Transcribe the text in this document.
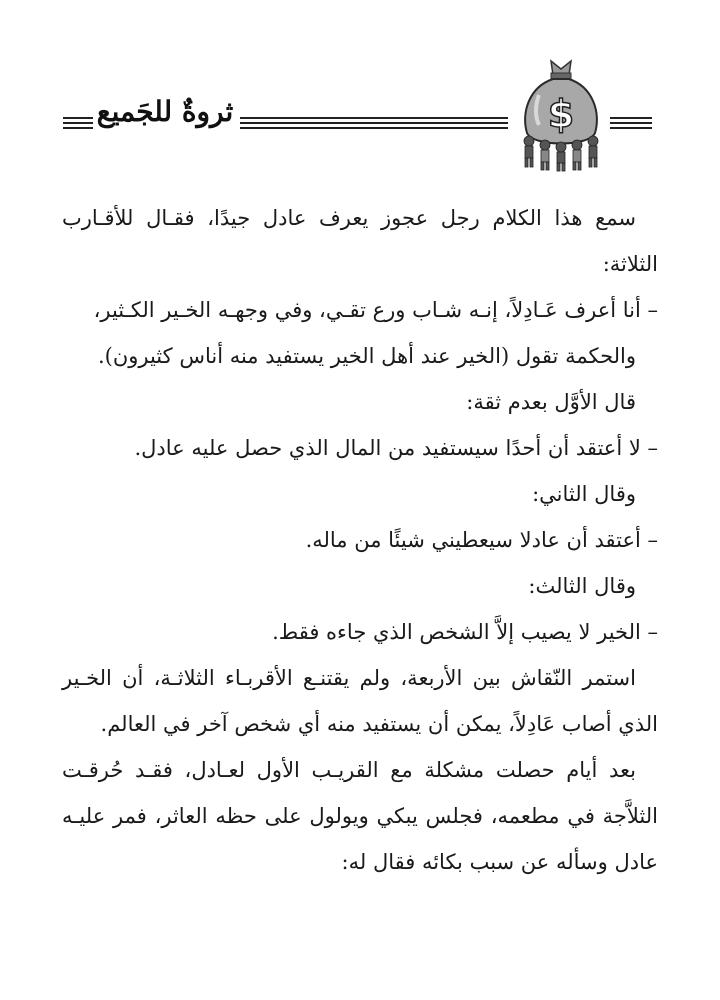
ثروةٌ للجَميع	$

سمع هذا الكلام رجل عجوز يعرف عادل جيدًا، فقـال للأقـارب الثلاثة:

– أنا أعرف عَـادِلاً، إنـه شـاب ورع تقـي، وفي وجهـه الخـير الكـثير،

والحكمة تقول (الخير عند أهل الخير يستفيد منه أناس كثيرون).

قال الأوَّل بعدم ثقة:

– لا أعتقد أن أحدًا سيستفيد من المال الذي حصل عليه عادل.

وقال الثاني:

– أعتقد أن عادلا سيعطيني شيئًا من ماله.

وقال الثالث:

– الخير لا يصيب إلاَّ الشخص الذي جاءه فقط.

استمر النّقاش بين الأربعة، ولم يقتنـع الأقربـاء الثلاثـة، أن الخـير الذي أصاب عَادِلاً، يمكن أن يستفيد منه أي شخص آخر في العالم.

بعد أيام حصلت مشكلة مع القريـب الأول لعـادل، فقـد حُرقـت الثلاَّجة في مطعمه، فجلس يبكي ويولول على حظه العاثر، فمر عليـه عادل وسأله عن سبب بكائه فقال له:
